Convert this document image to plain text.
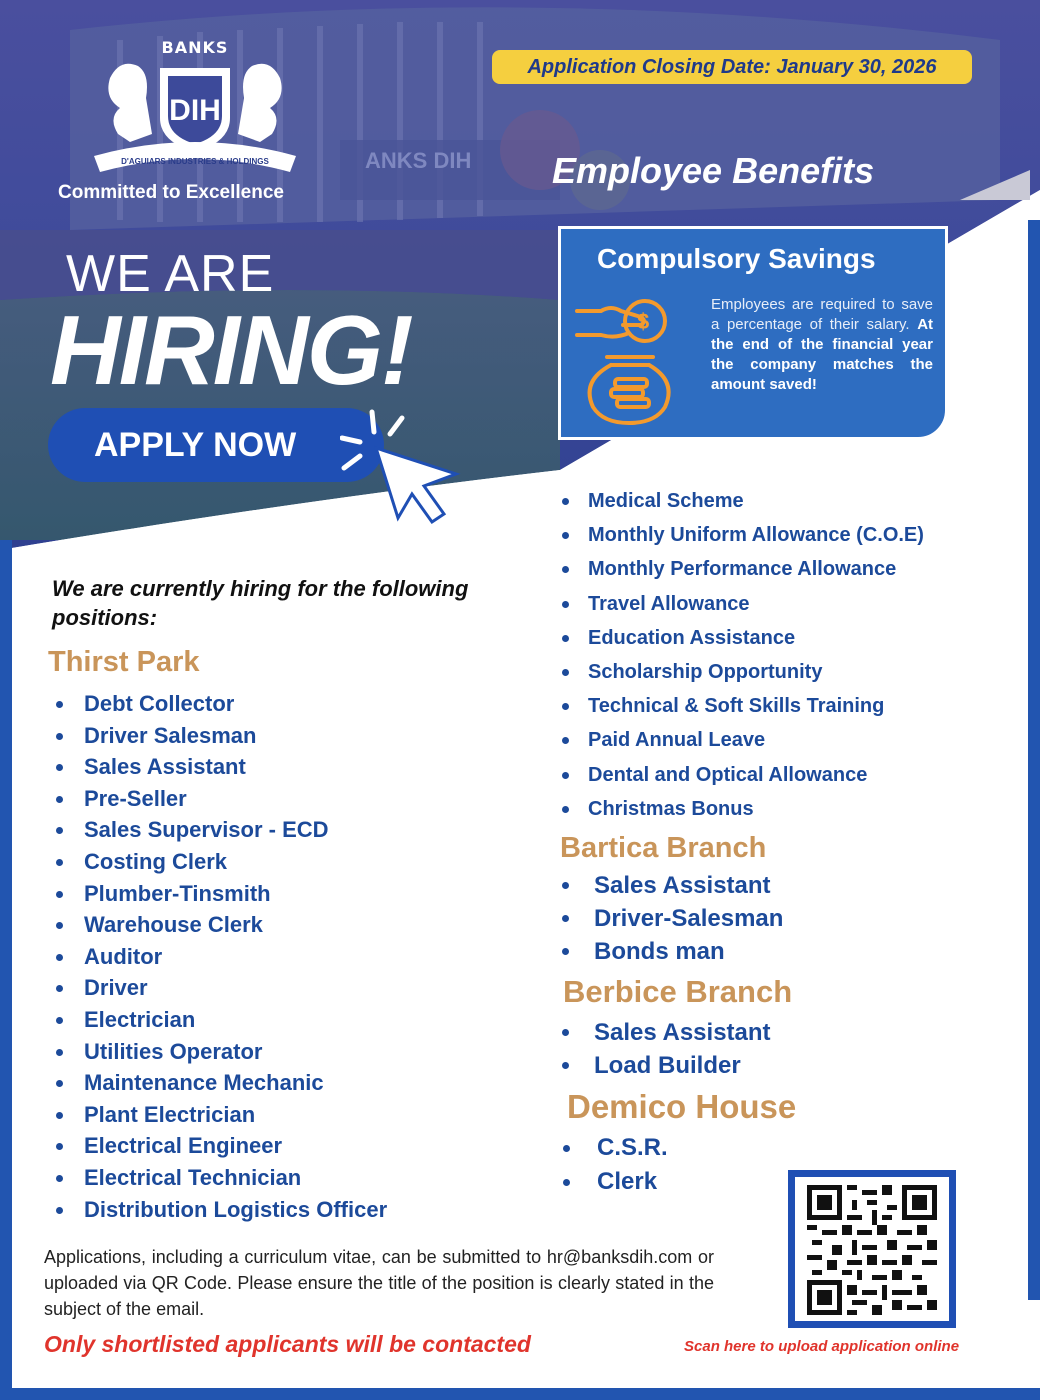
ANKS DIH
BANKS
DIH
D'AGUIARS INDUSTRIES & HOLDINGS
Committed to Excellence
WE ARE
HIRING!
APPLY NOW
Application Closing Date: January 30, 2026
Employee Benefits
Compulsory Savings
$
Employees are required to save a percentage of their salary. At the end of the financial year the company matches the amount saved!
Medical Scheme
Monthly Uniform Allowance (C.O.E)
Monthly Performance Allowance
Travel Allowance
Education Assistance
Scholarship Opportunity
Technical & Soft Skills Training
Paid Annual Leave
Dental and Optical Allowance
Christmas Bonus
We are currently hiring for the following positions:
Thirst Park
Debt Collector
Driver Salesman
Sales Assistant
Pre-Seller
Sales Supervisor - ECD
Costing Clerk
Plumber-Tinsmith
Warehouse Clerk
Auditor
Driver
Electrician
Utilities Operator
Maintenance Mechanic
Plant Electrician
Electrical Engineer
Electrical Technician
Distribution Logistics Officer
Bartica Branch
Sales Assistant
Driver-Salesman
Bonds man
Berbice Branch
Sales Assistant
Load Builder
Demico House
C.S.R.
Clerk
Applications, including a curriculum vitae, can be submitted to hr@banksdih.com or uploaded via QR Code. Please ensure the title of the position is clearly stated in the subject of the email.
Only shortlisted applicants will be contacted	Scan here to upload application online
